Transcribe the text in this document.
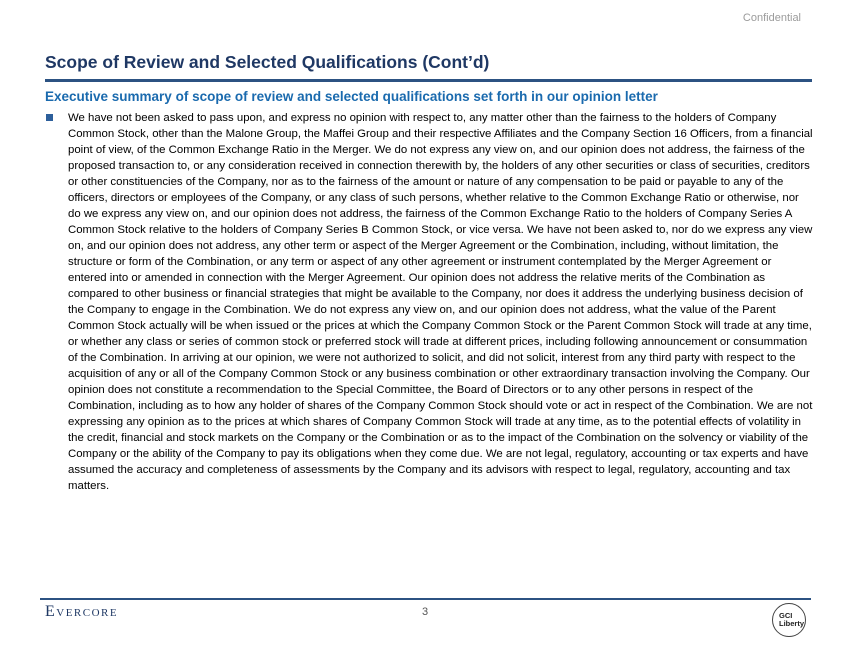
Confidential
Scope of Review and Selected Qualifications (Cont’d)
Executive summary of scope of review and selected qualifications set forth in our opinion letter

We have not been asked to pass upon, and express no opinion with respect to, any matter other than the fairness to the holders of Company Common Stock, other than the Malone Group, the Maffei Group and their respective Affiliates and the Company Section 16 Officers, from a financial point of view, of the Common Exchange Ratio in the Merger. We do not express any view on, and our opinion does not address, the fairness of the proposed transaction to, or any consideration received in connection therewith by, the holders of any other securities or class of securities, creditors or other constituencies of the Company, nor as to the fairness of the amount or nature of any compensation to be paid or payable to any of the officers, directors or employees of the Company, or any class of such persons, whether relative to the Common Exchange Ratio or otherwise, nor do we express any view on, and our opinion does not address, the fairness of the Common Exchange Ratio to the holders of Company Series A Common Stock relative to the holders of Company Series B Common Stock, or vice versa. We have not been asked to, nor do we express any view on, and our opinion does not address, any other term or aspect of the Merger Agreement or the Combination, including, without limitation, the structure or form of the Combination, or any term or aspect of any other agreement or instrument contemplated by the Merger Agreement or entered into or amended in connection with the Merger Agreement. Our opinion does not address the relative merits of the Combination as compared to other business or financial strategies that might be available to the Company, nor does it address the underlying business decision of the Company to engage in the Combination. We do not express any view on, and our opinion does not address, what the value of the Parent Common Stock actually will be when issued or the prices at which the Company Common Stock or the Parent Common Stock will trade at any time, or whether any class or series of common stock or preferred stock will trade at different prices, including following announcement or consummation of the Combination. In arriving at our opinion, we were not authorized to solicit, and did not solicit, interest from any third party with respect to the acquisition of any or all of the Company Common Stock or any business combination or other extraordinary transaction involving the Company. Our opinion does not constitute a recommendation to the Special Committee, the Board of Directors or to any other persons in respect of the Combination, including as to how any holder of shares of the Company Common Stock should vote or act in respect of the Combination. We are not expressing any opinion as to the prices at which shares of Company Common Stock will trade at any time, as to the potential effects of volatility in the credit, financial and stock markets on the Company or the Combination or as to the impact of the Combination on the solvency or viability of the Company or the ability of the Company to pay its obligations when they come due. We are not legal, regulatory, accounting or tax experts and have assumed the accuracy and completeness of assessments by the Company and its advisors with respect to legal, regulatory, accounting and tax matters.

Evercore	3	GCI
Liberty
